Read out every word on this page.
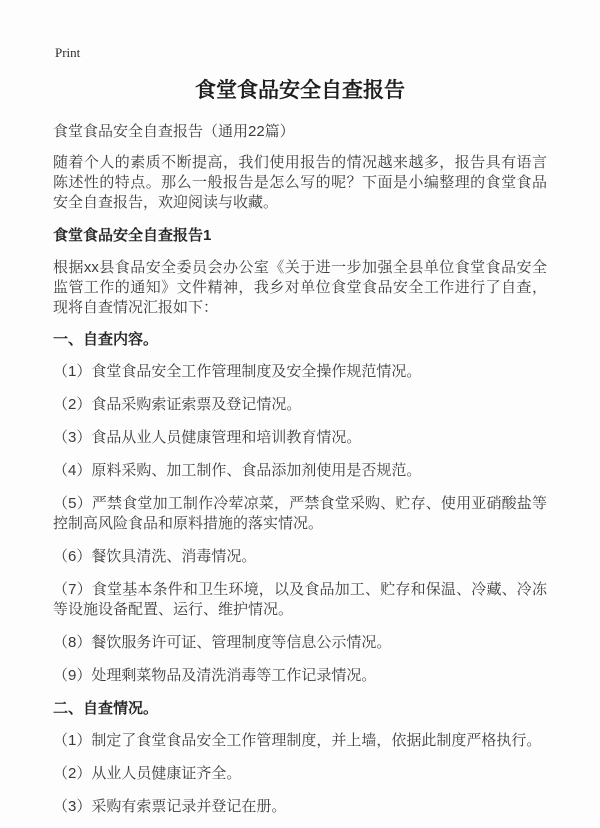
Print
食堂食品安全自查报告

食堂食品安全自查报告（通用22篇）

随着个人的素质不断提高，我们使用报告的情况越来越多，报告具有语言陈述性的特点。那么一般报告是怎么写的呢？下面是小编整理的食堂食品安全自查报告，欢迎阅读与收藏。

食堂食品安全自查报告1

根据xx县食品安全委员会办公室《关于进一步加强全县单位食堂食品安全监管工作的通知》文件精神，我乡对单位食堂食品安全工作进行了自查，现将自查情况汇报如下：

一、自查内容。

（1）食堂食品安全工作管理制度及安全操作规范情况。

（2）食品采购索证索票及登记情况。

（3）食品从业人员健康管理和培训教育情况。

（4）原料采购、加工制作、食品添加剂使用是否规范。

（5）严禁食堂加工制作冷荤凉菜，严禁食堂采购、贮存、使用亚硝酸盐等控制高风险食品和原料措施的落实情况。

（6）餐饮具清洗、消毒情况。

（7）食堂基本条件和卫生环境，以及食品加工、贮存和保温、冷藏、冷冻等设施设备配置、运行、维护情况。

（8）餐饮服务许可证、管理制度等信息公示情况。

（9）处理剩菜物品及清洗消毒等工作记录情况。

二、自查情况。

（1）制定了食堂食品安全工作管理制度，并上墙，依据此制度严格执行。

（2）从业人员健康证齐全。

（3）采购有索票记录并登记在册。
